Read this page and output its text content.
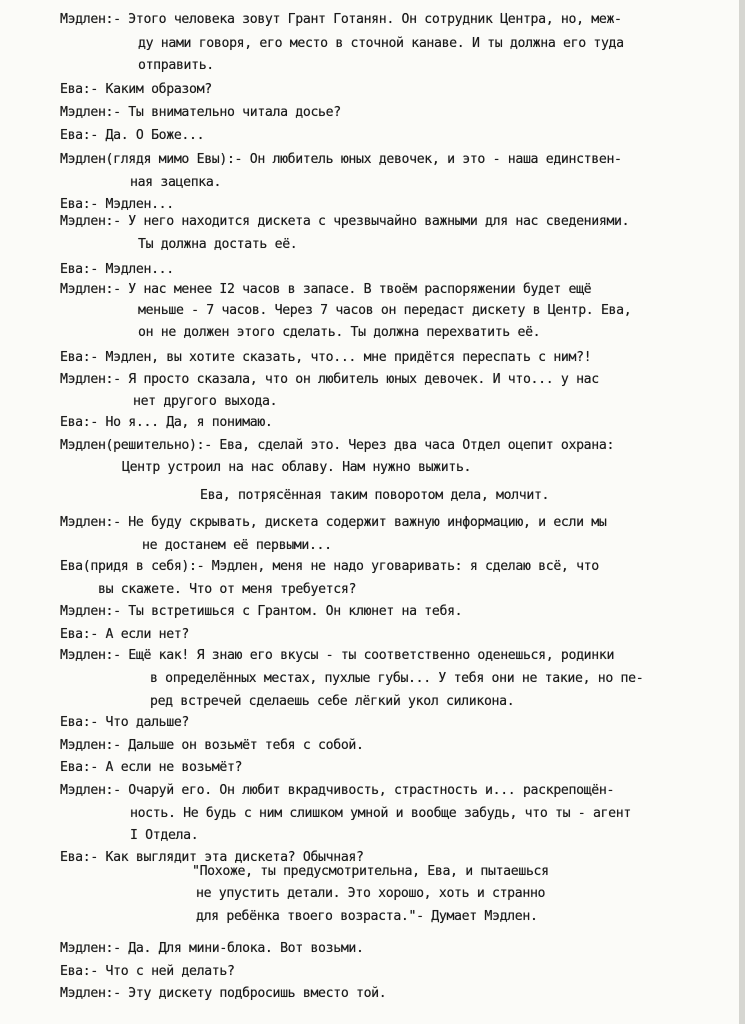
Мэдлен:- Этого человека зовут Грант Готанян. Он сотрудник Центра, но, меж-
ду нами говоря, его место в сточной канаве. И ты должна его туда
отправить.
Ева:- Каким образом?
Мэдлен:- Ты внимательно читала досье?
Ева:- Да. О Боже...
Мэдлен(глядя мимо Евы):- Он любитель юных девочек, и это - наша единствен-
ная зацепка.
Ева:- Мэдлен...
Мэдлен:- У него находится дискета с чрезвычайно важными для нас сведениями.
Ты должна достать её.
Ева:- Мэдлен...
Мэдлен:- У нас менее I2 часов в запасе. В твоём распоряжении будет ещё
меньше - 7 часов. Через 7 часов он передаст дискету в Центр. Ева,
он не должен этого сделать. Ты должна перехватить её.
Ева:- Мэдлен, вы хотите сказать, что... мне придётся переспать с ним?!
Мэдлен:- Я просто сказала, что он любитель юных девочек. И что... у нас
нет другого выхода.
Ева:- Но я... Да, я понимаю.
Мэдлен(решительно):- Ева, сделай это. Через два часа Отдел оцепит охрана:
Центр устроил на нас облаву. Нам нужно выжить.
Ева, потрясённая таким поворотом дела, молчит.
Мэдлен:- Не буду скрывать, дискета содержит важную информацию, и если мы
не достанем её первыми...
Ева(придя в себя):- Мэдлен, меня не надо уговаривать: я сделаю всё, что
вы скажете. Что от меня требуется?
Мэдлен:- Ты встретишься с Грантом. Он клюнет на тебя.
Ева:- А если нет?
Мэдлен:- Ещё как! Я знаю его вкусы - ты соответственно оденешься, родинки
в определённых местах, пухлые губы... У тебя они не такие, но пе-
ред встречей сделаешь себе лёгкий укол силикона.
Ева:- Что дальше?
Мэдлен:- Дальше он возьмёт тебя с собой.
Ева:- А если не возьмёт?
Мэдлен:- Очаруй его. Он любит вкрадчивость, страстность и... раскрепощён-
ность. Не будь с ним слишком умной и вообще забудь, что ты - агент
I Отдела.
Ева:- Как выглядит эта дискета? Обычная?
"Похоже, ты предусмотрительна, Ева, и пытаешься
не упустить детали. Это хорошо, хоть и странно
для ребёнка твоего возраста."- Думает Мэдлен.
Мэдлен:- Да. Для мини-блока. Вот возьми.
Ева:- Что с ней делать?
Мэдлен:- Эту дискету подбросишь вместо той.
